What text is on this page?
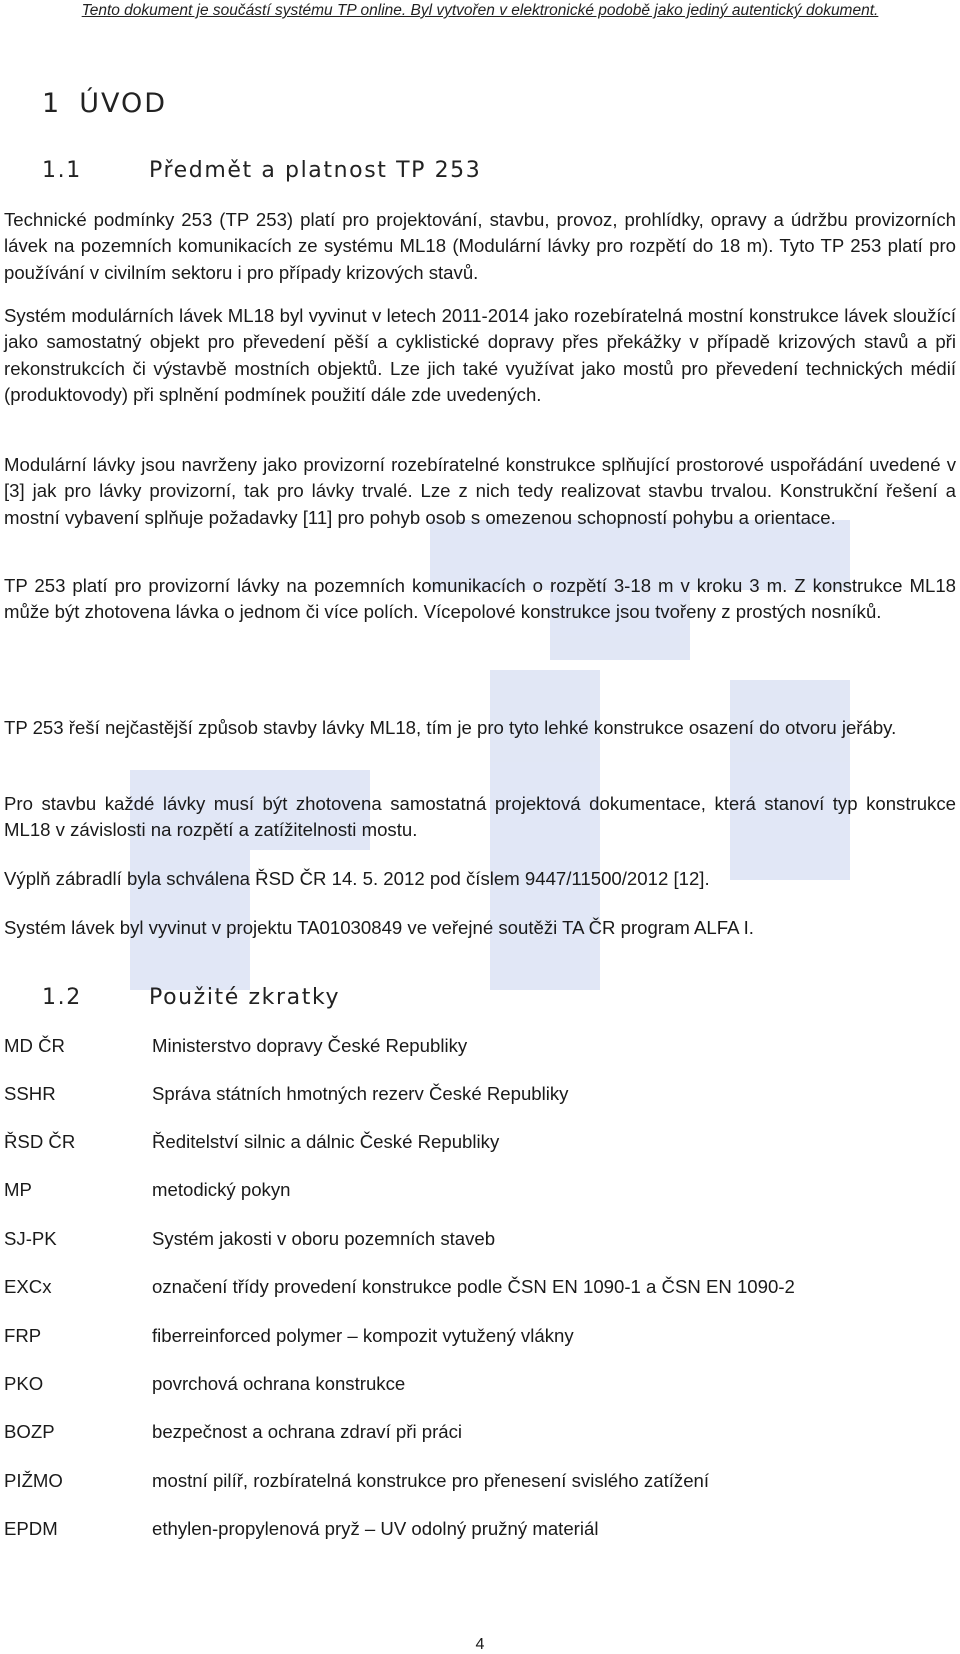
Tento dokument je součástí systému TP online. Byl vytvořen v elektronické podobě jako jediný autentický dokument.
1 ÚVOD
1.1	Předmět a platnost TP 253

Technické podmínky 253 (TP 253) platí pro projektování, stavbu, provoz, prohlídky, opravy a údržbu provizorních lávek na pozemních komunikacích ze systému ML18 (Modulární lávky pro rozpětí do 18 m). Tyto TP 253 platí pro používání v civilním sektoru i pro případy krizových stavů.

Systém modulárních lávek ML18 byl vyvinut v letech 2011-2014 jako rozebíratelná mostní konstrukce lávek sloužící jako samostatný objekt pro převedení pěší a cyklistické dopravy přes překážky v případě krizových stavů a při rekonstrukcích či výstavbě mostních objektů. Lze jich také využívat jako mostů pro převedení technických médií (produktovody) při splnění podmínek použití dále zde uvedených.

Modulární lávky jsou navrženy jako provizorní rozebíratelné konstrukce splňující prostorové uspořádání uvedené v [3] jak pro lávky provizorní, tak pro lávky trvalé. Lze z nich tedy realizovat stavbu trvalou. Konstrukční řešení a mostní vybavení splňuje požadavky [11] pro pohyb osob s omezenou schopností pohybu a orientace.

TP 253 platí pro provizorní lávky na pozemních komunikacích o rozpětí 3-18 m v kroku 3 m. Z konstrukce ML18 může být zhotovena lávka o jednom či více polích. Vícepolové konstrukce jsou tvořeny z prostých nosníků.

TP 253 řeší nejčastější způsob stavby lávky ML18, tím je pro tyto lehké konstrukce osazení do otvoru jeřáby.

Pro stavbu každé lávky musí být zhotovena samostatná projektová dokumentace, která stanoví typ konstrukce ML18 v závislosti na rozpětí a zatížitelnosti mostu.

Výplň zábradlí byla schválena ŘSD ČR 14. 5. 2012 pod číslem 9447/11500/2012 [12].

Systém lávek byl vyvinut v projektu TA01030849 ve veřejné soutěži TA ČR program ALFA I.

1.2	Použité zkratky
MD ČR	Ministerstvo dopravy České Republiky
SSHR	Správa státních hmotných rezerv České Republiky
ŘSD ČR	Ředitelství silnic a dálnic České Republiky
MP	metodický pokyn
SJ-PK	Systém jakosti v oboru pozemních staveb
EXCx	označení třídy provedení konstrukce podle ČSN EN 1090-1 a ČSN EN 1090-2
FRP	fiberreinforced polymer – kompozit vytužený vlákny
PKO	povrchová ochrana konstrukce
BOZP	bezpečnost a ochrana zdraví při práci
PIŽMO	mostní pilíř, rozbíratelná konstrukce pro přenesení svislého zatížení
EPDM	ethylen-propylenová pryž – UV odolný pružný materiál
4
